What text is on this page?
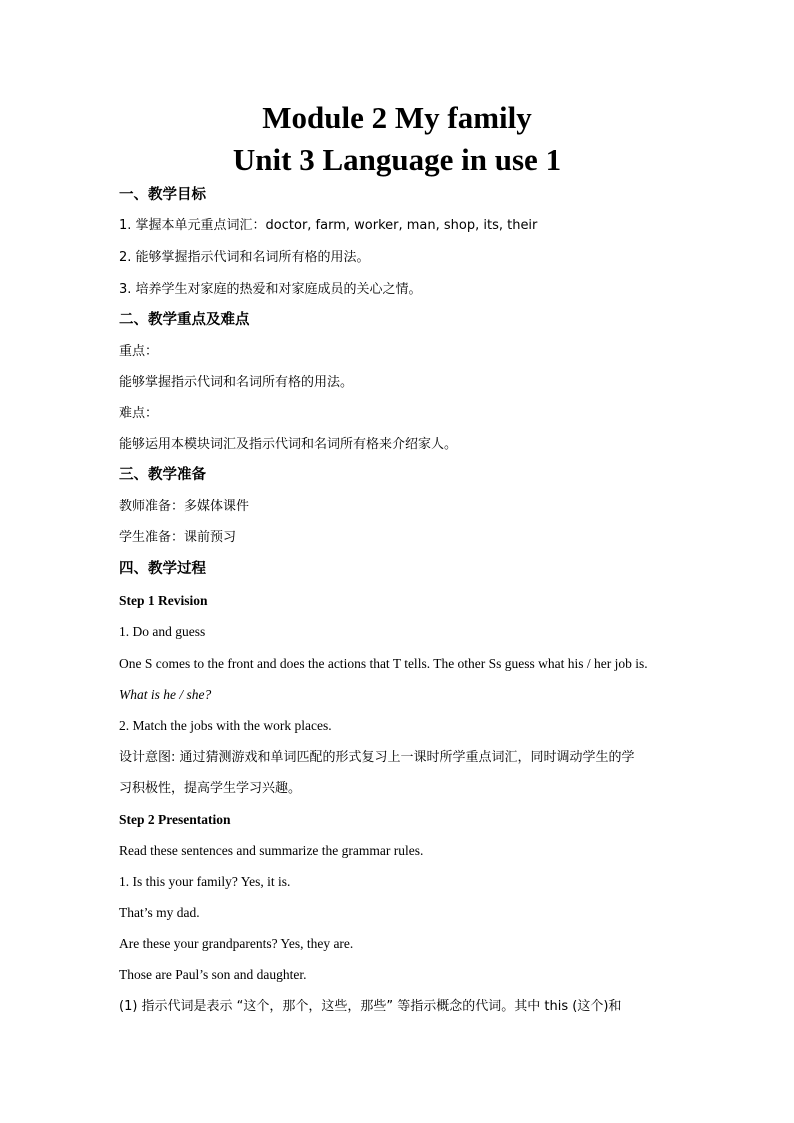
Module 2 My family
Unit 3 Language in use 1
一、教学目标
1. 掌握本单元重点词汇：doctor, farm, worker, man, shop, its, their
2. 能够掌握指示代词和名词所有格的用法。
3. 培养学生对家庭的热爱和对家庭成员的关心之情。
二、教学重点及难点
重点：
能够掌握指示代词和名词所有格的用法。
难点：
能够运用本模块词汇及指示代词和名词所有格来介绍家人。
三、教学准备
教师准备：多媒体课件
学生准备：课前预习
四、教学过程
Step 1 Revision
1. Do and guess
One S comes to the front and does the actions that T tells. The other Ss guess what his / her job is.
What is he / she?
2. Match the jobs with the work places.
设计意图: 通过猜测游戏和单词匹配的形式复习上一课时所学重点词汇，同时调动学生的学
习积极性，提高学生学习兴趣。
Step 2 Presentation
Read these sentences and summarize the grammar rules.
1. Is this your family? Yes, it is.
That’s my dad.
Are these your grandparents? Yes, they are.
Those are Paul’s son and daughter.
(1) 指示代词是表示 “这个，那个，这些，那些” 等指示概念的代词。其中 this (这个)和
